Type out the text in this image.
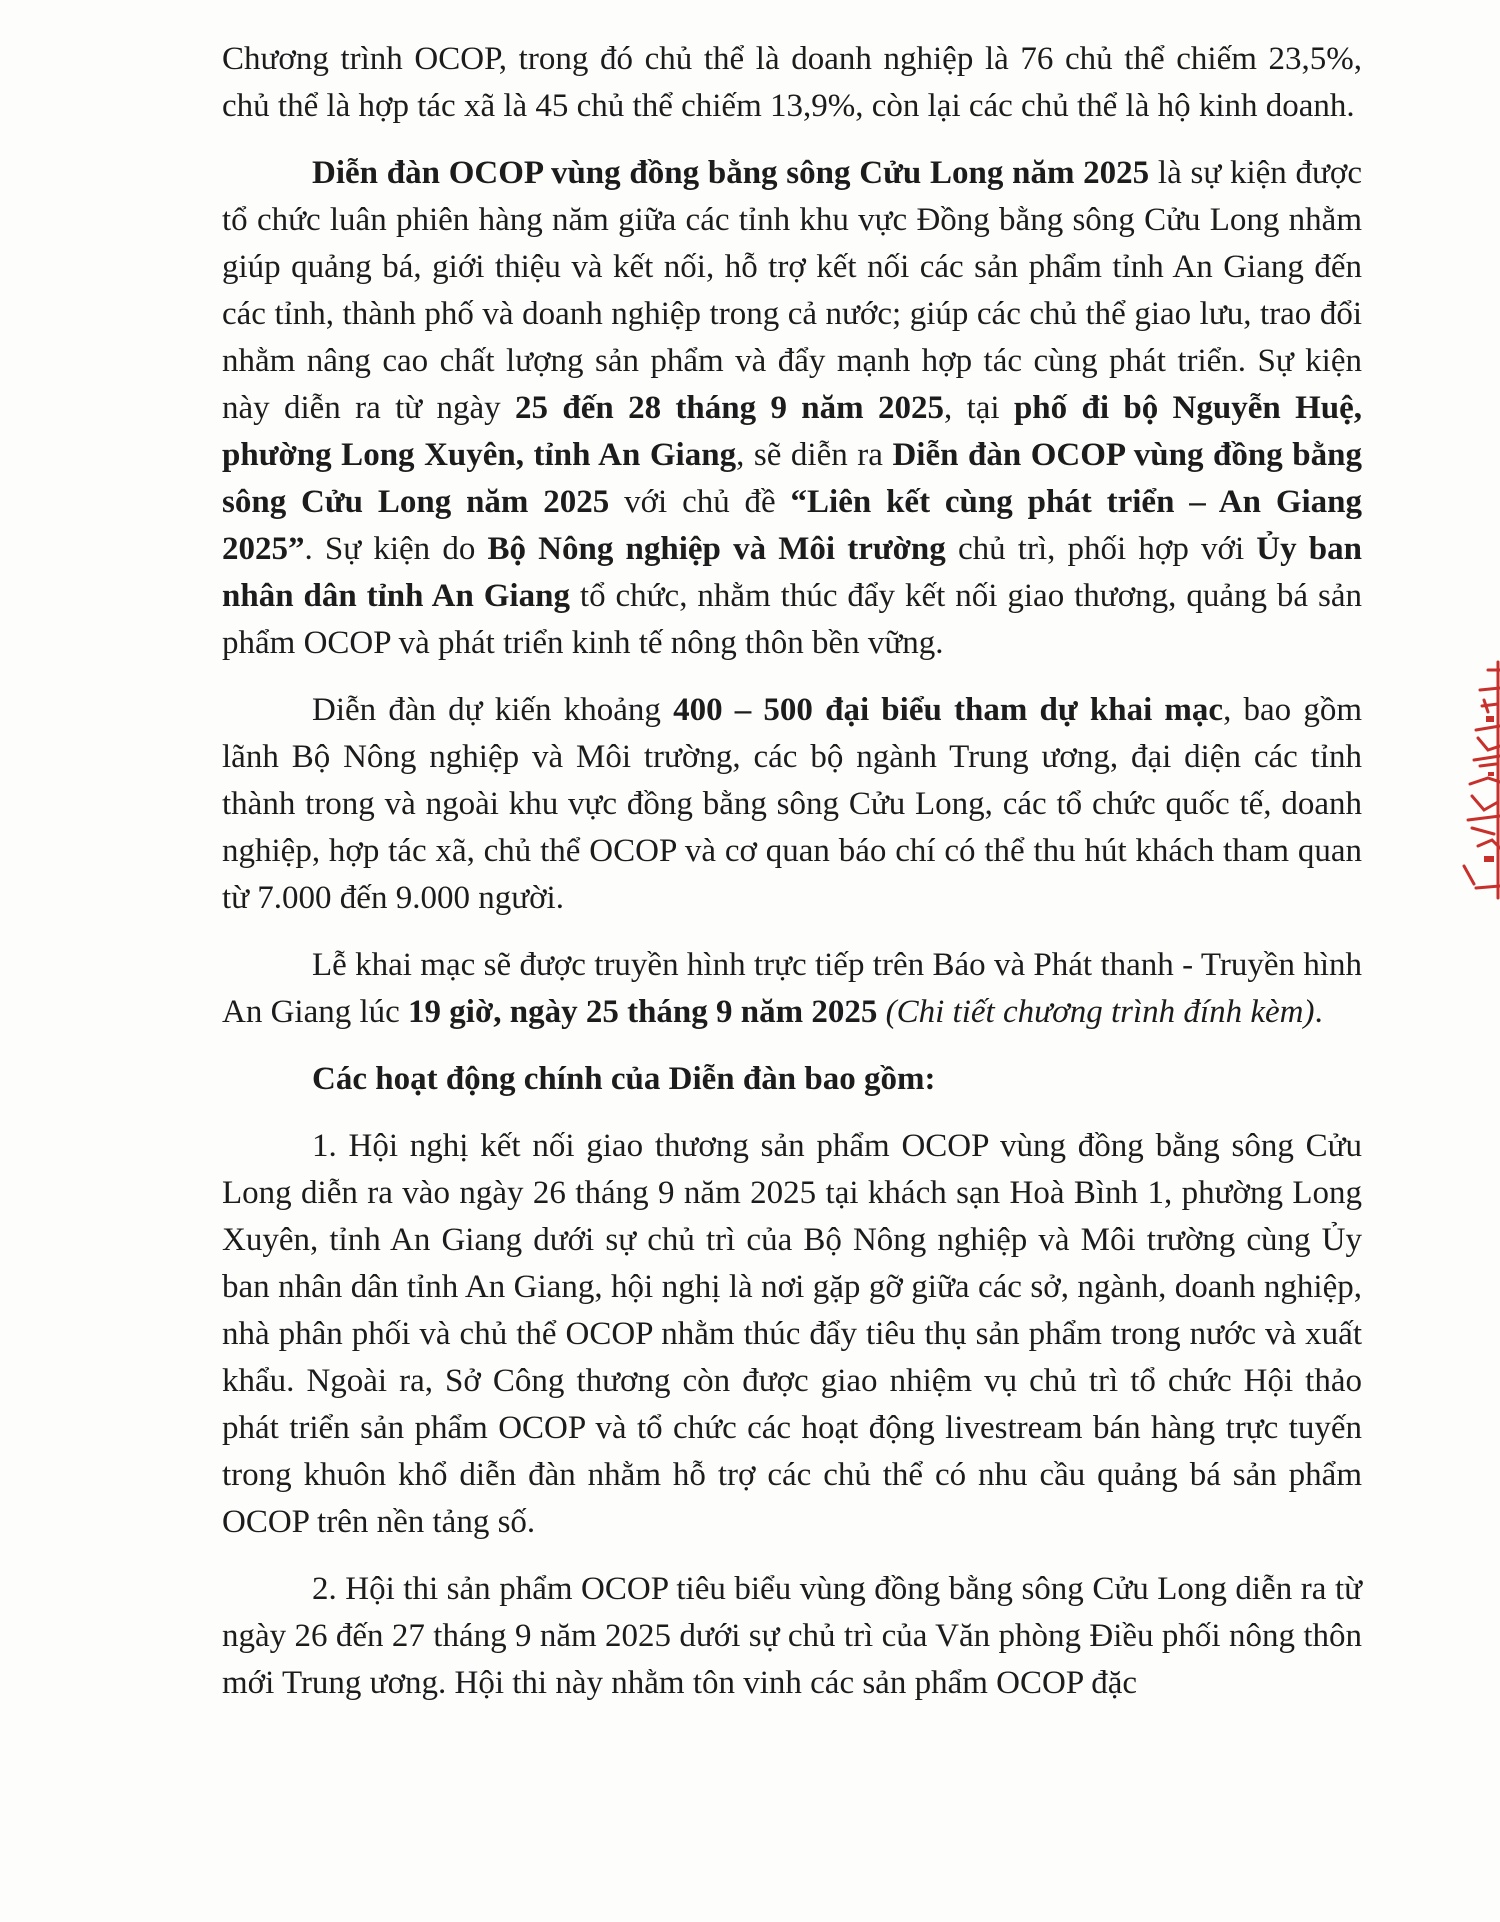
Chương trình OCOP, trong đó chủ thể là doanh nghiệp là 76 chủ thể chiếm 23,5%, chủ thể là hợp tác xã là 45 chủ thể chiếm 13,9%, còn lại các chủ thể là hộ kinh doanh.

Diễn đàn OCOP vùng đồng bằng sông Cửu Long năm 2025 là sự kiện được tổ chức luân phiên hàng năm giữa các tỉnh khu vực Đồng bằng sông Cửu Long nhằm giúp quảng bá, giới thiệu và kết nối, hỗ trợ kết nối các sản phẩm tỉnh An Giang đến các tỉnh, thành phố và doanh nghiệp trong cả nước; giúp các chủ thể giao lưu, trao đổi nhằm nâng cao chất lượng sản phẩm và đẩy mạnh hợp tác cùng phát triển. Sự kiện này diễn ra từ ngày 25 đến 28 tháng 9 năm 2025, tại phố đi bộ Nguyễn Huệ, phường Long Xuyên, tỉnh An Giang, sẽ diễn ra Diễn đàn OCOP vùng đồng bằng sông Cửu Long năm 2025 với chủ đề “Liên kết cùng phát triển – An Giang 2025”. Sự kiện do Bộ Nông nghiệp và Môi trường chủ trì, phối hợp với Ủy ban nhân dân tỉnh An Giang tổ chức, nhằm thúc đẩy kết nối giao thương, quảng bá sản phẩm OCOP và phát triển kinh tế nông thôn bền vững.

Diễn đàn dự kiến khoảng 400 – 500 đại biểu tham dự khai mạc, bao gồm lãnh Bộ Nông nghiệp và Môi trường, các bộ ngành Trung ương, đại diện các tỉnh thành trong và ngoài khu vực đồng bằng sông Cửu Long, các tổ chức quốc tế, doanh nghiệp, hợp tác xã, chủ thể OCOP và cơ quan báo chí có thể thu hút khách tham quan từ 7.000 đến 9.000 người.

Lễ khai mạc sẽ được truyền hình trực tiếp trên Báo và Phát thanh - Truyền hình An Giang lúc 19 giờ, ngày 25 tháng 9 năm 2025 (Chi tiết chương trình đính kèm).

Các hoạt động chính của Diễn đàn bao gồm:

1. Hội nghị kết nối giao thương sản phẩm OCOP vùng đồng bằng sông Cửu Long diễn ra vào ngày 26 tháng 9 năm 2025 tại khách sạn Hoà Bình 1, phường Long Xuyên, tỉnh An Giang dưới sự chủ trì của Bộ Nông nghiệp và Môi trường cùng Ủy ban nhân dân tỉnh An Giang, hội nghị là nơi gặp gỡ giữa các sở, ngành, doanh nghiệp, nhà phân phối và chủ thể OCOP nhằm thúc đẩy tiêu thụ sản phẩm trong nước và xuất khẩu. Ngoài ra, Sở Công thương còn được giao nhiệm vụ chủ trì tổ chức Hội thảo phát triển sản phẩm OCOP và tổ chức các hoạt động livestream bán hàng trực tuyến trong khuôn khổ diễn đàn nhằm hỗ trợ các chủ thể có nhu cầu quảng bá sản phẩm OCOP trên nền tảng số.

2. Hội thi sản phẩm OCOP tiêu biểu vùng đồng bằng sông Cửu Long diễn ra từ ngày 26 đến 27 tháng 9 năm 2025 dưới sự chủ trì của Văn phòng Điều phối nông thôn mới Trung ương. Hội thi này nhằm tôn vinh các sản phẩm OCOP đặc
